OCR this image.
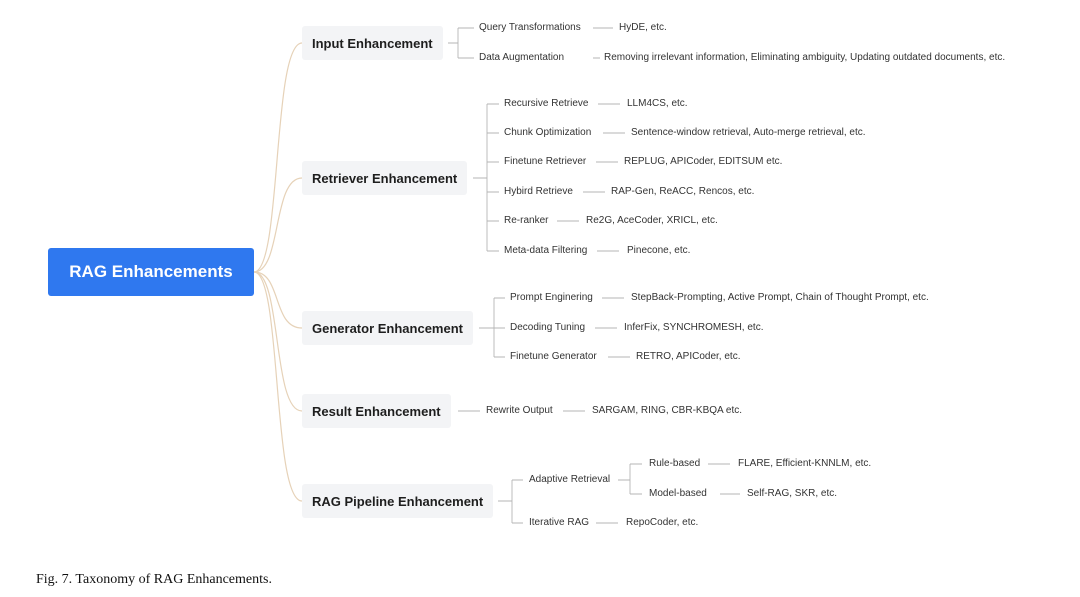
RAG Enhancements
Input Enhancement
Retriever Enhancement
Generator Enhancement
Result Enhancement
RAG Pipeline Enhancement
Query Transformations	HyDE, etc.
Data Augmentation	Removing irrelevant information, Eliminating ambiguity, Updating outdated documents, etc.
Recursive Retrieve	LLM4CS, etc.
Chunk Optimization	Sentence-window retrieval, Auto-merge retrieval, etc.
Finetune Retriever	REPLUG, APICoder, EDITSUM etc.
Hybird Retrieve	RAP-Gen, ReACC, Rencos, etc.
Re-ranker	Re2G, AceCoder, XRICL, etc.
Meta-data Filtering	Pinecone, etc.
Prompt Enginering	StepBack-Prompting, Active Prompt, Chain of Thought Prompt, etc.
Decoding Tuning	InferFix, SYNCHROMESH, etc.
Finetune Generator	RETRO, APICoder, etc.
Rewrite Output	SARGAM, RING, CBR-KBQA etc.
Adaptive Retrieval
Rule-based	FLARE, Efficient-KNNLM, etc.
Model-based	Self-RAG, SKR, etc.
Iterative RAG	RepoCoder, etc.
Fig. 7. Taxonomy of RAG Enhancements.
